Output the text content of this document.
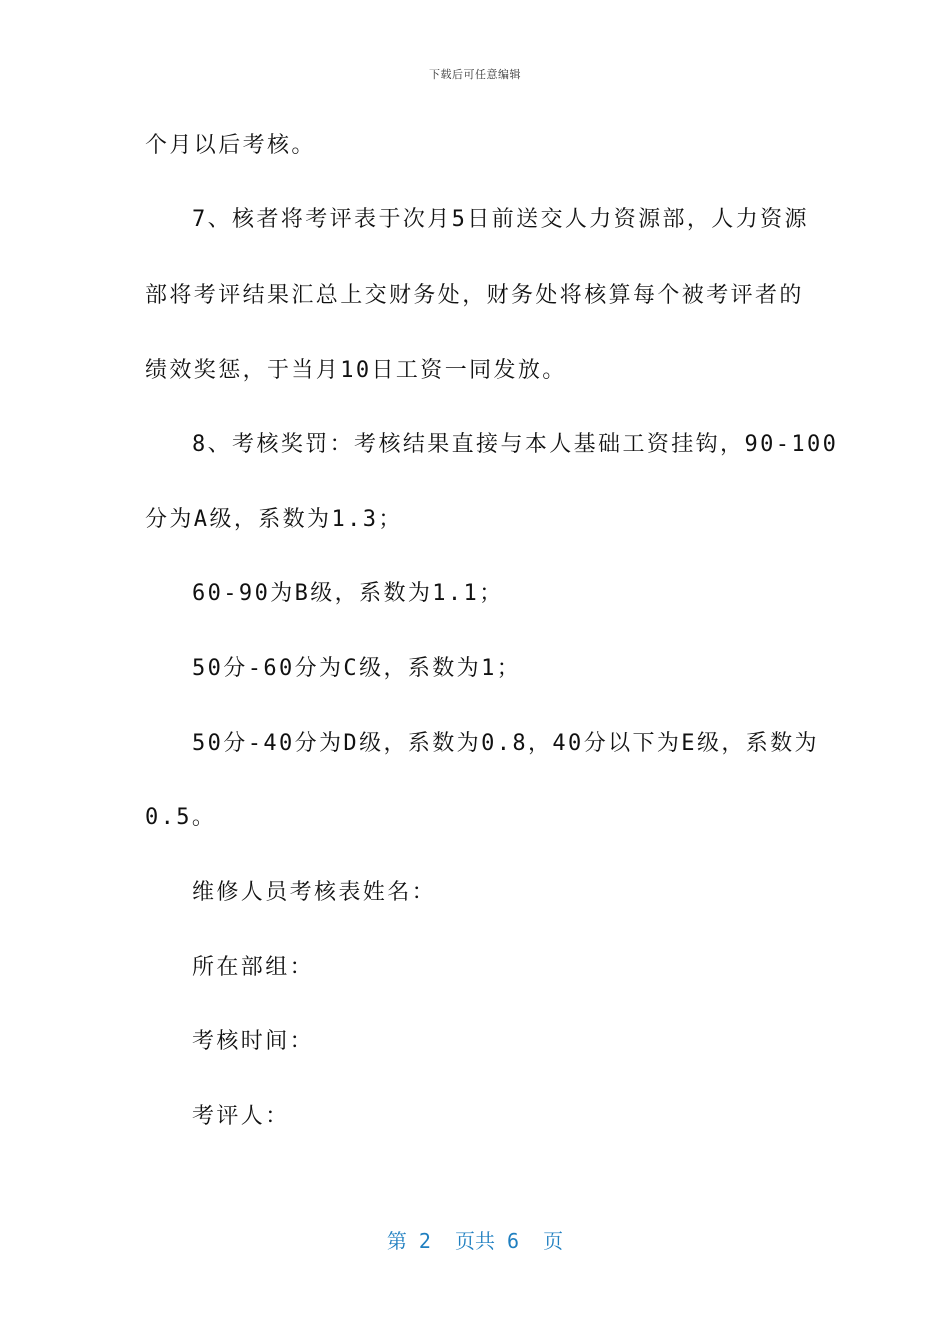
下载后可任意编辑
个月以后考核。
7、核者将考评表于次月5日前送交人力资源部，人力资源
部将考评结果汇总上交财务处，财务处将核算每个被考评者的
绩效奖惩，于当月10日工资一同发放。
8、考核奖罚：考核结果直接与本人基础工资挂钩，90-100
分为A级，系数为1.3；
60-90为B级，系数为1.1；
50分-60分为C级，系数为1；
50分-40分为D级，系数为0.8，40分以下为E级，系数为
0.5。
维修人员考核表姓名：
所在部组：
考核时间：
考评人：
第 2  页共 6  页
